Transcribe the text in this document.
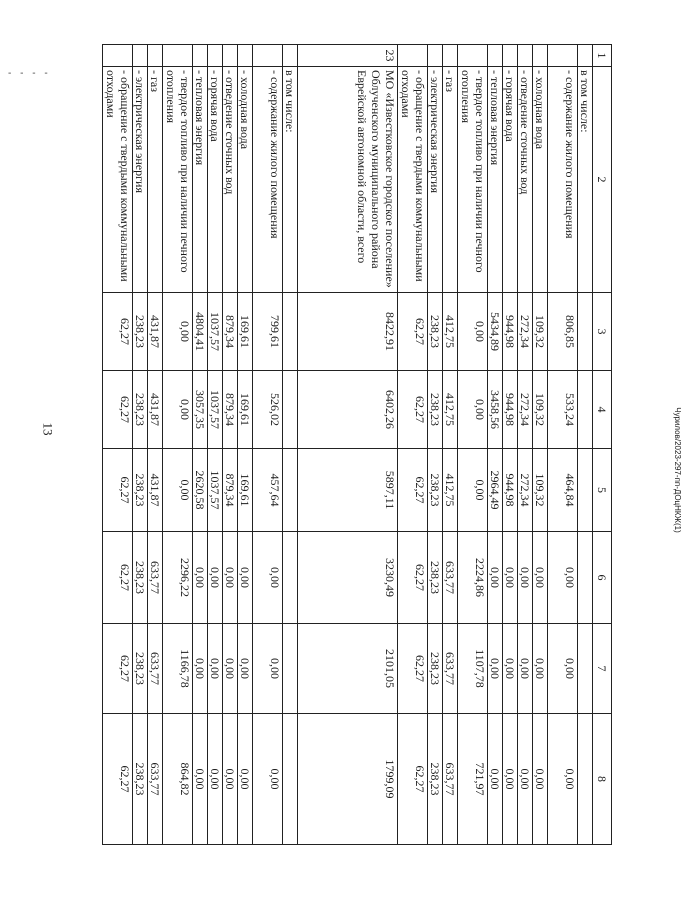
- - - -
13	Чурилов/2023-297-пп-ДОцНКЖ(1)
1	2	3	4	5	6	7	8
	в том числе:						
	- содержание жилого помещения	806,85	533,24	464,84	0,00	0,00	0,00
	- холодная вода	109,32	109,32	109,32	0,00	0,00	0,00
	- отведение сточных вод	272,34	272,34	272,34	0,00	0,00	0,00
	- горячая вода	944,98	944,98	944,98	0,00	0,00	0,00
	- тепловая энергия	5434,89	3458,56	2964,49	0,00	0,00	0,00
	- твердое топливо при наличии печного отопления	0,00	0,00	0,00	2224,86	1107,78	721,97
	- газ	412,75	412,75	412,75	633,77	633,77	633,77
	- электрическая энергия	238,23	238,23	238,23	238,23	238,23	238,23
	- обращение с твердыми коммунальными отходами	62,27	62,27	62,27	62,27	62,27	62,27
23	МО «Известковское городское поселение» Облученского муниципального района Еврейской автономной области, всего	8422,91	6402,26	5897,11	3230,49	2101,05	1799,09
	в том числе:						
	- содержание жилого помещения	799,61	526,02	457,64	0,00	0,00	0,00
	- холодная вода	169,61	169,61	169,61	0,00	0,00	0,00
	- отведение сточных вод	879,34	879,34	879,34	0,00	0,00	0,00
	- горячая вода	1037,57	1037,57	1037,57	0,00	0,00	0,00
	- тепловая энергия	4804,41	3057,35	2620,58	0,00	0,00	0,00
	- твердое топливо при наличии печного отопления	0,00	0,00	0,00	2296,22	1166,78	864,82
	- газ	431,87	431,87	431,87	633,77	633,77	633,77
	- электрическая энергия	238,23	238,23	238,23	238,23	238,23	238,23
	- обращение с твердыми коммунальными отходами	62,27	62,27	62,27	62,27	62,27	62,27
